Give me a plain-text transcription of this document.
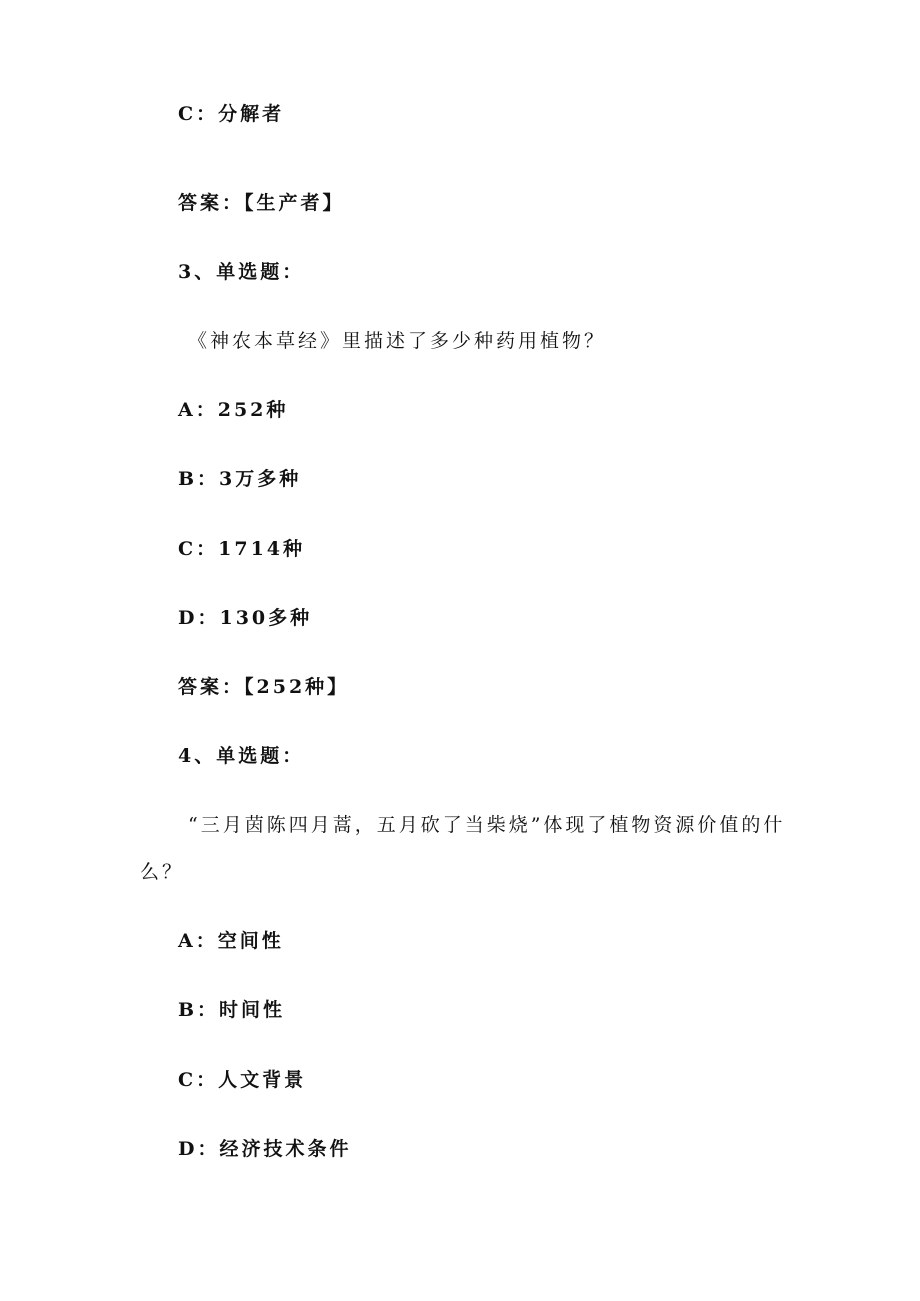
C：分解者
答案：【生产者】
3、单选题：
《神农本草经》里描述了多少种药用植物？
A：252种
B：3万多种
C：1714种
D：130多种
答案：【252种】
4、单选题：
“三月茵陈四月蒿，五月砍了当柴烧”体现了植物资源价值的什
么？
A：空间性
B：时间性
C：人文背景
D：经济技术条件
